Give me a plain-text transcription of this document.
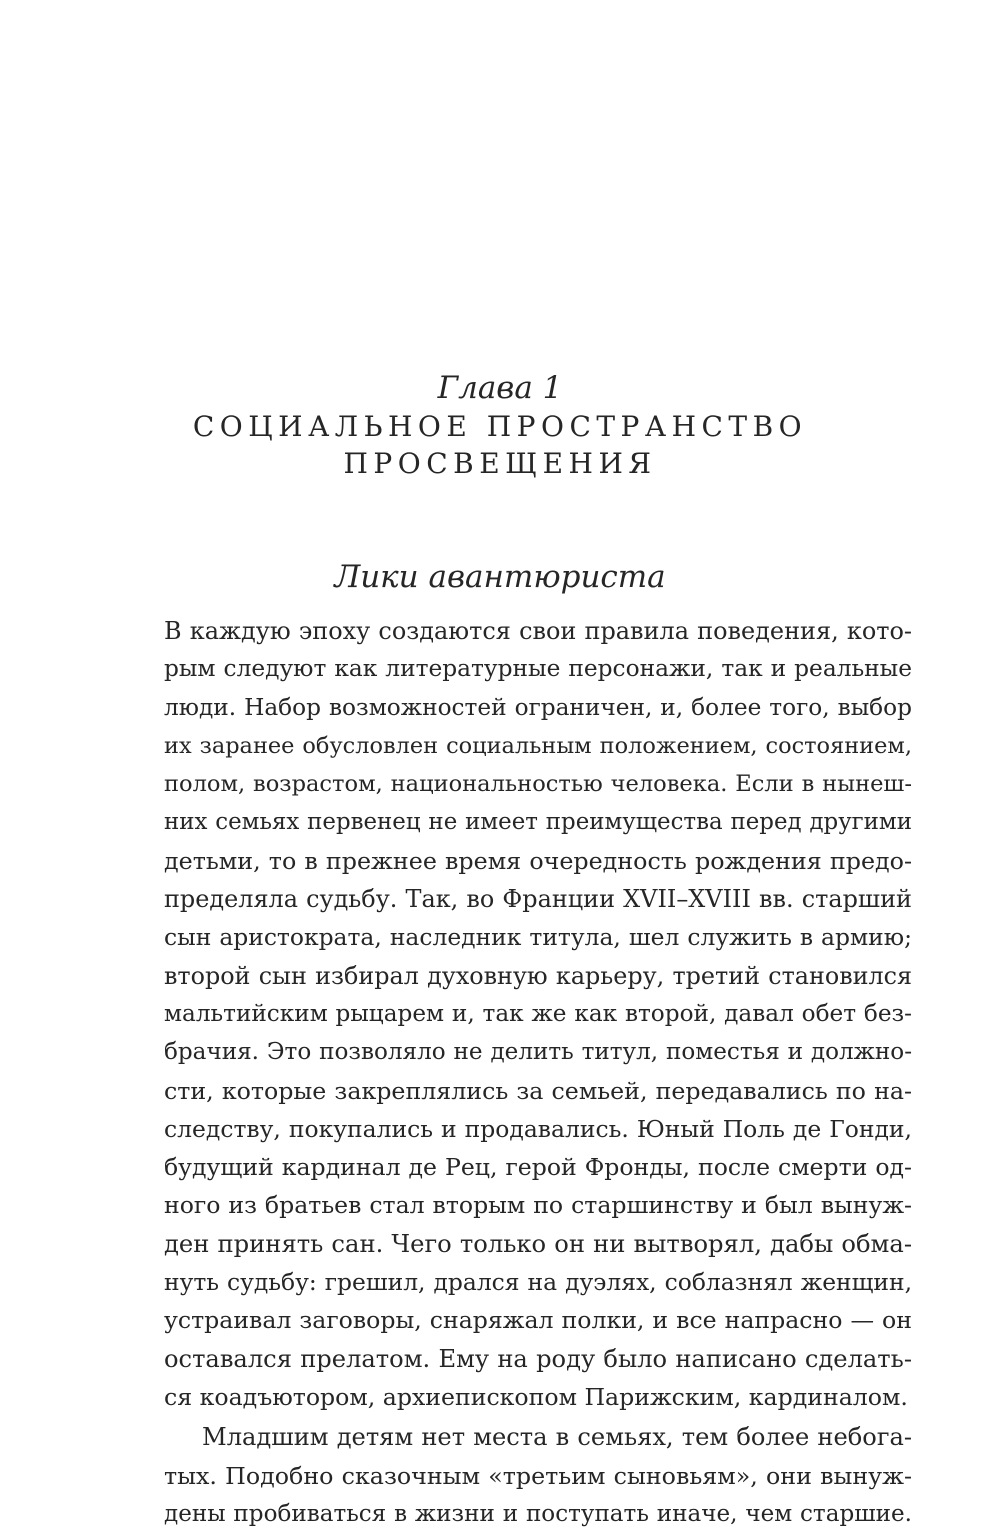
Глава 1
СОЦИАЛЬНОЕ ПРОСТРАНСТВО
ПРОСВЕЩЕНИЯ
Лики авантюриста
В каждую эпоху создаются свои правила поведения, кото-
рым следуют как литературные персонажи, так и реальные
люди. Набор возможностей ограничен, и, более того, выбор
их заранее обусловлен социальным положением, состоянием,
полом, возрастом, национальностью человека. Если в нынеш-
них семьях первенец не имеет преимущества перед другими
детьми, то в прежнее время очередность рождения предо-
пределяла судьбу. Так, во Франции XVII–XVIII вв. старший
сын аристократа, наследник титула, шел служить в армию;
второй сын избирал духовную карьеру, третий становился
мальтийским рыцарем и, так же как второй, давал обет без-
брачия. Это позволяло не делить титул, поместья и должно-
сти, которые закреплялись за семьей, передавались по на-
следству, покупались и продавались. Юный Поль де Гонди,
будущий кардинал де Рец, герой Фронды, после смерти од-
ного из братьев стал вторым по старшинству и был вынуж-
ден принять сан. Чего только он ни вытворял, дабы обма-
нуть судьбу: грешил, дрался на дуэлях, соблазнял женщин,
устраивал заговоры, снаряжал полки, и все напрасно — он
оставался прелатом. Ему на роду было написано сделать-
ся коадъютором, архиепископом Парижским, кардиналом.
Младшим детям нет места в семьях, тем более небога-
тых. Подобно сказочным «третьим сыновьям», они вынуж-
дены пробиваться в жизни и поступать иначе, чем старшие.
